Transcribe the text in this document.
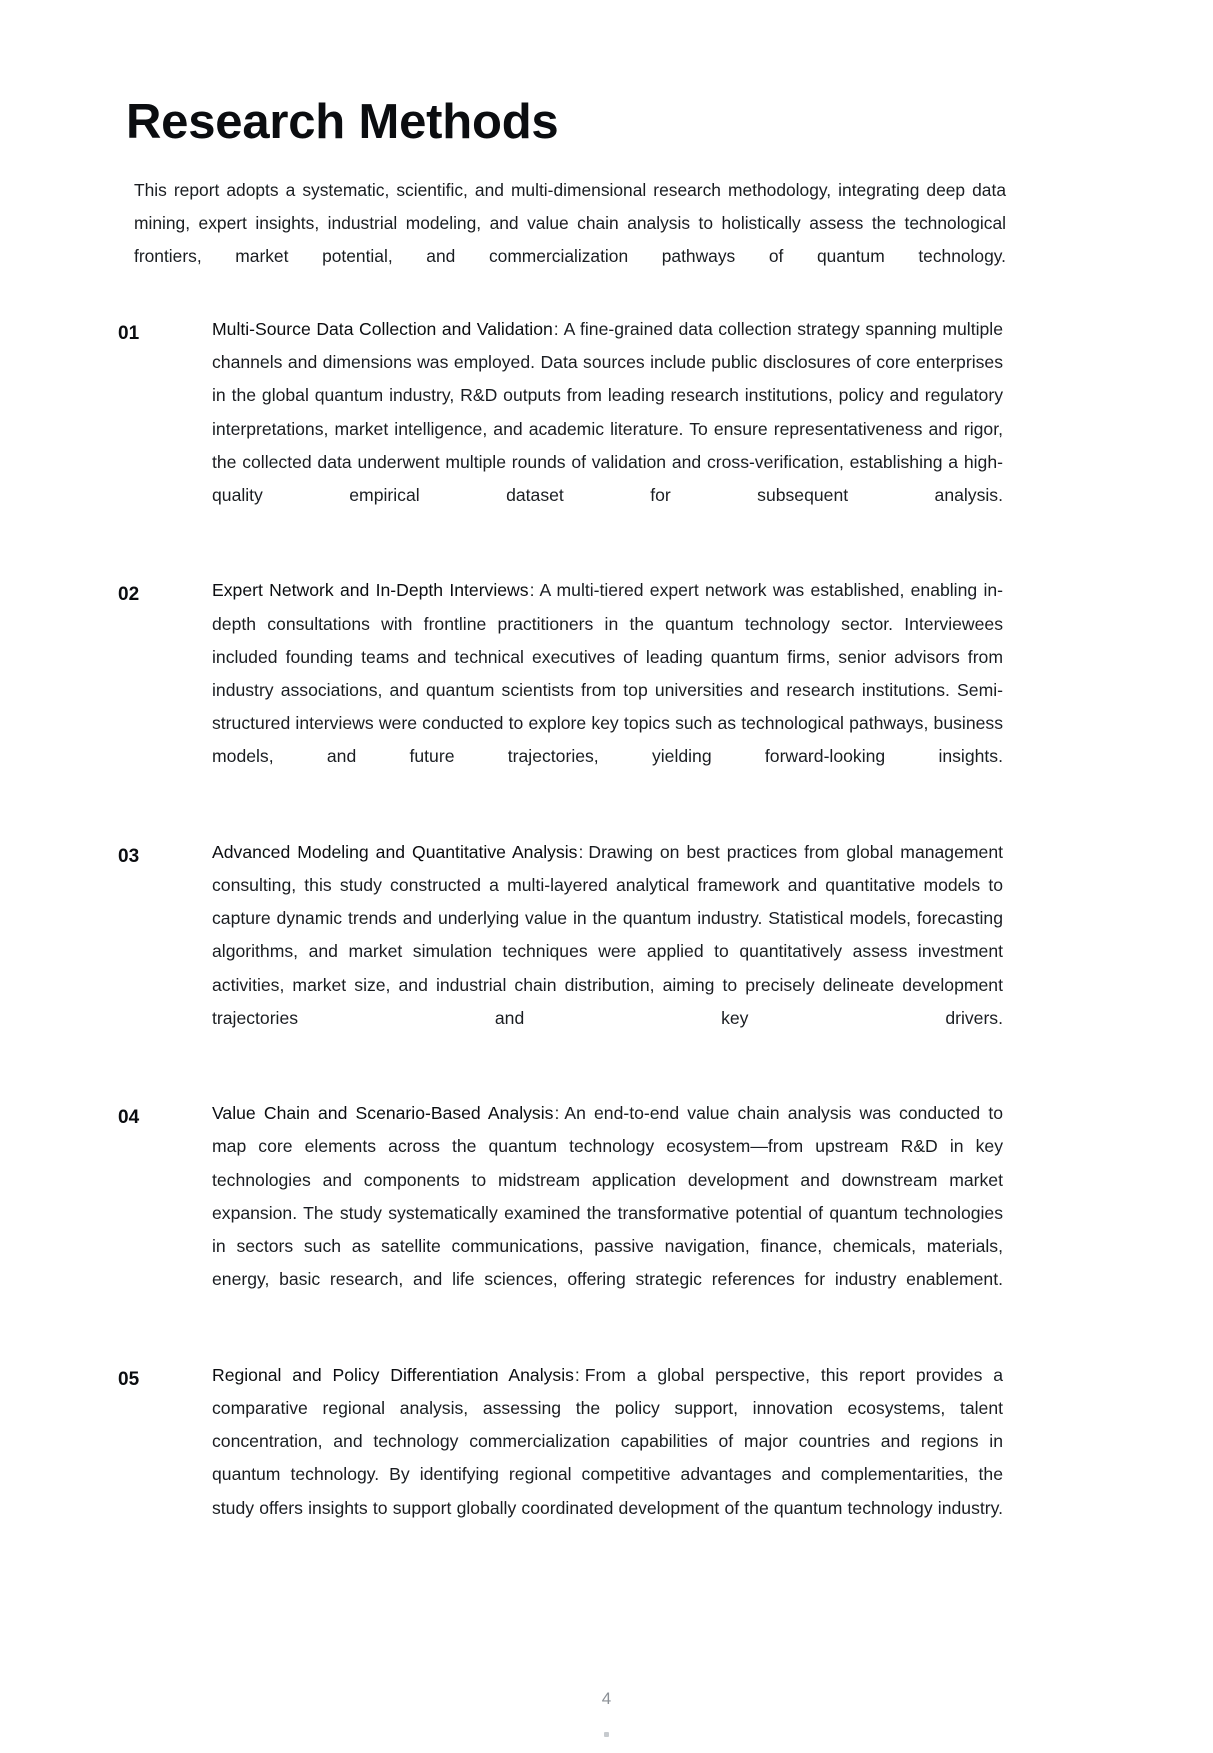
Research Methods

This report adopts a systematic, scientific, and multi-dimensional research methodology, integrating deep data mining, expert insights, industrial modeling, and value chain analysis to holistically assess the technological frontiers, market potential, and commercialization pathways of quantum technology.

01	Multi-Source Data Collection and Validation: A fine-grained data collection strategy spanning multiple channels and dimensions was employed. Data sources include public disclosures of core enterprises in the global quantum industry, R&D outputs from leading research institutions, policy and regulatory interpretations, market intelligence, and academic literature. To ensure representativeness and rigor, the collected data underwent multiple rounds of validation and cross-verification, establishing a high-quality empirical dataset for subsequent analysis.
02	Expert Network and In-Depth Interviews: A multi-tiered expert network was established, enabling in-depth consultations with frontline practitioners in the quantum technology sector. Interviewees included founding teams and technical executives of leading quantum firms, senior advisors from industry associations, and quantum scientists from top universities and research institutions. Semi-structured interviews were conducted to explore key topics such as technological pathways, business models, and future trajectories, yielding forward-looking insights.
03	Advanced Modeling and Quantitative Analysis: Drawing on best practices from global management consulting, this study constructed a multi-layered analytical framework and quantitative models to capture dynamic trends and underlying value in the quantum industry. Statistical models, forecasting algorithms, and market simulation techniques were applied to quantitatively assess investment activities, market size, and industrial chain distribution, aiming to precisely delineate development trajectories and key drivers.
04	Value Chain and Scenario-Based Analysis: An end-to-end value chain analysis was conducted to map core elements across the quantum technology ecosystem—from upstream R&D in key technologies and components to midstream application development and downstream market expansion. The study systematically examined the transformative potential of quantum technologies in sectors such as satellite communications, passive navigation, finance, chemicals, materials, energy, basic research, and life sciences, offering strategic references for industry enablement.
05	Regional and Policy Differentiation Analysis: From a global perspective, this report provides a comparative regional analysis, assessing the policy support, innovation ecosystems, talent concentration, and technology commercialization capabilities of major countries and regions in quantum technology. By identifying regional competitive advantages and complementarities, the study offers insights to support globally coordinated development of the quantum technology industry.
4
